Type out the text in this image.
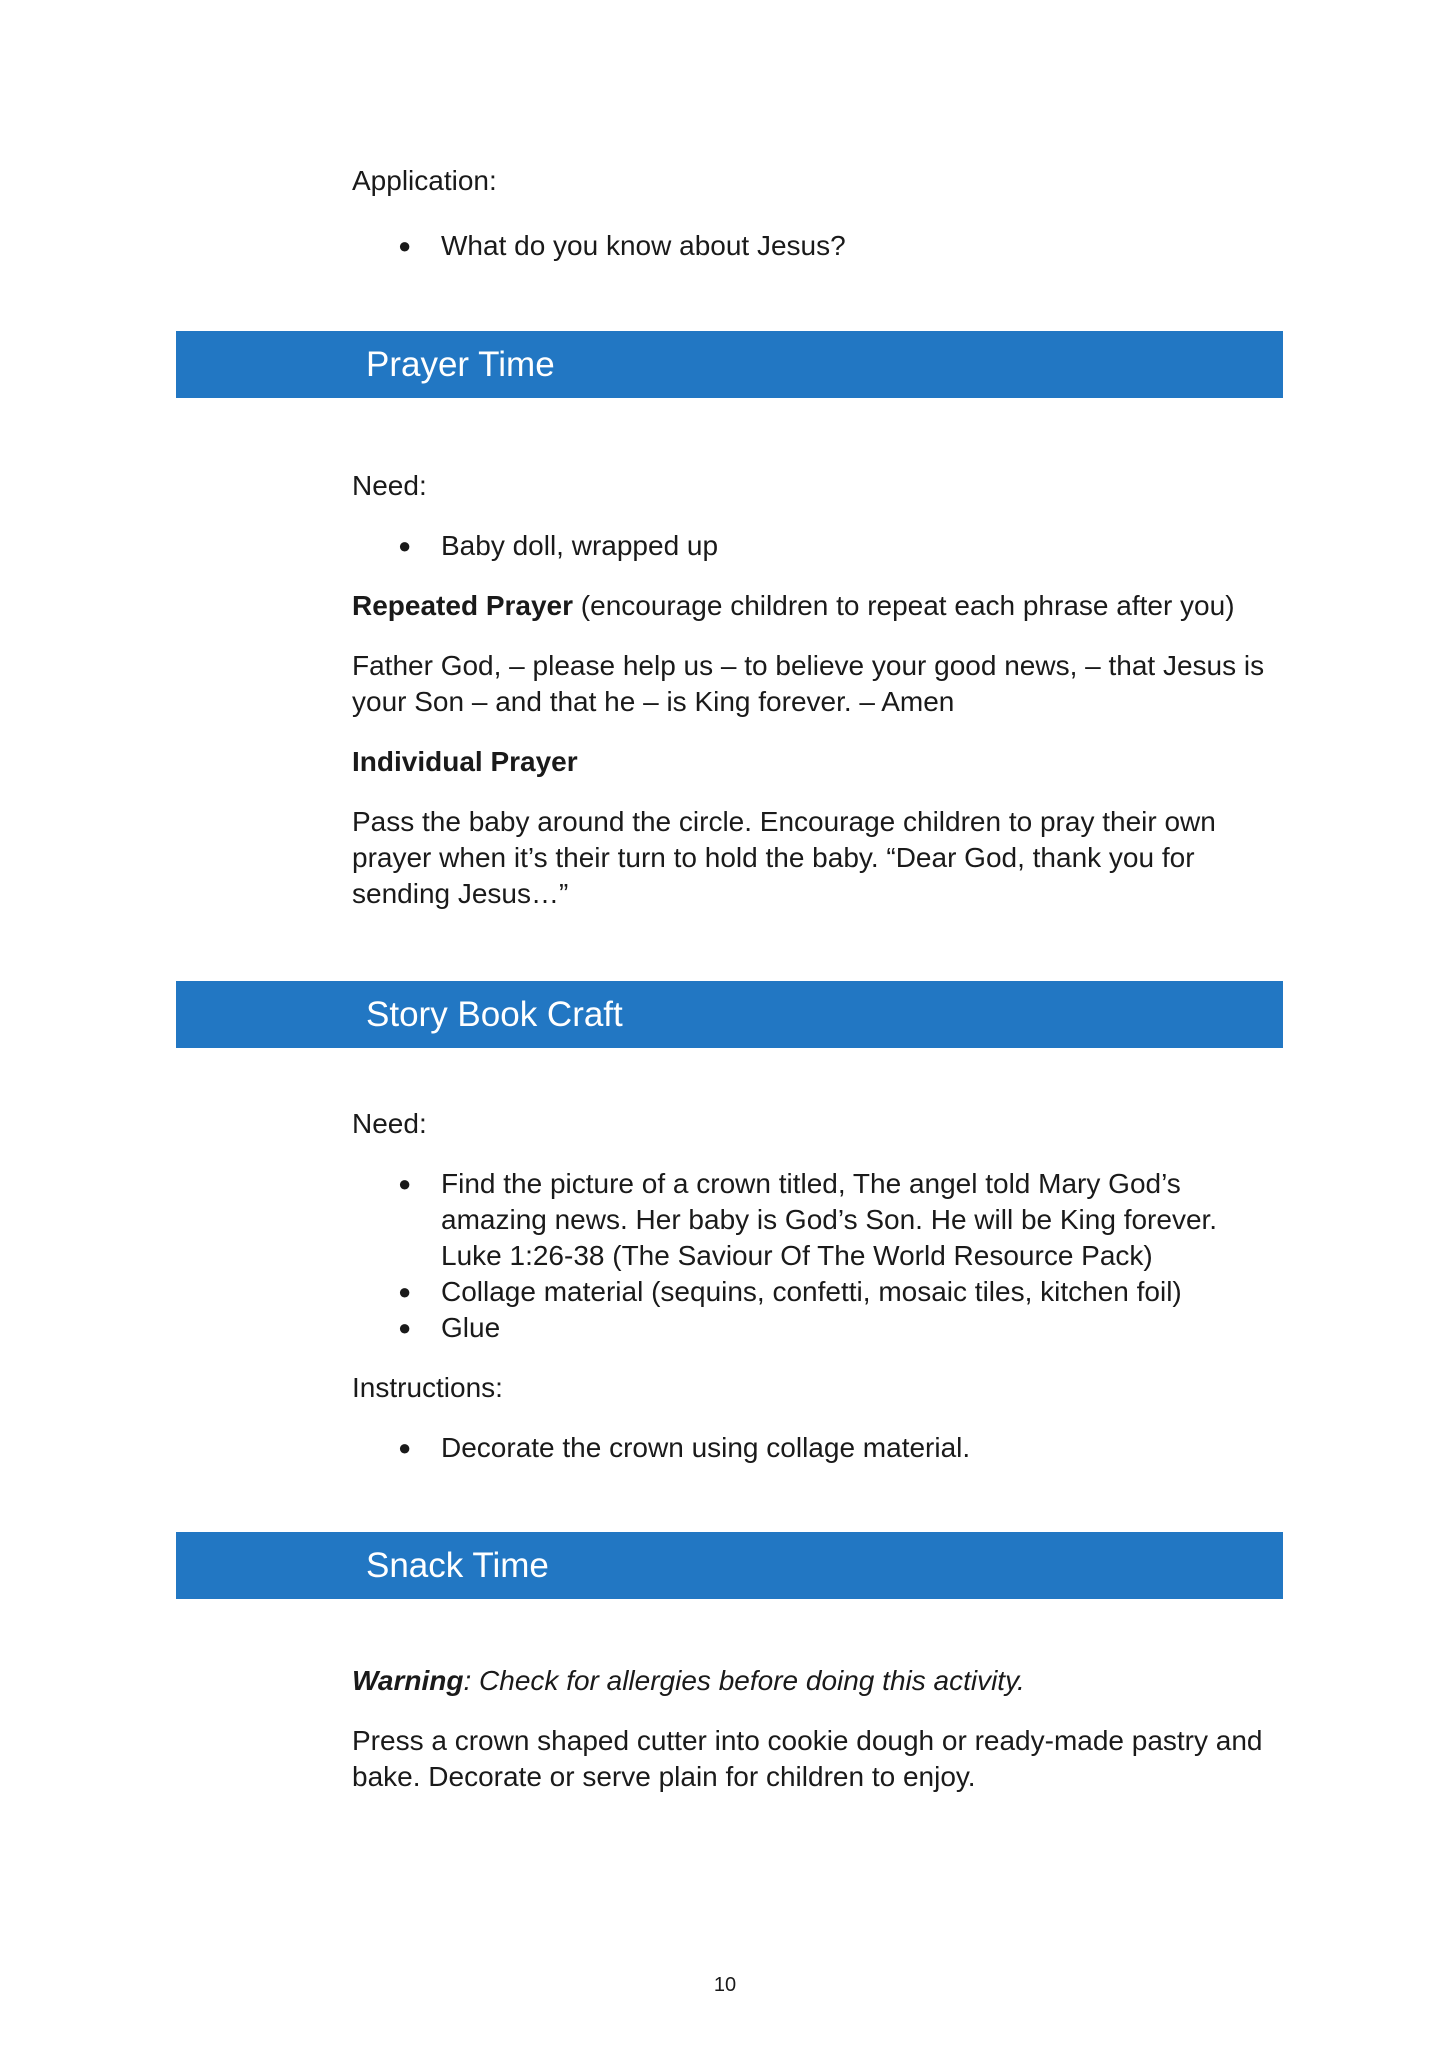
Application:
● What do you know about Jesus?
Prayer Time
Need:
● Baby doll, wrapped up
Repeated Prayer (encourage children to repeat each phrase after you)
Father God, – please help us – to believe your good news, – that Jesus is your Son – and that he – is King forever. – Amen
Individual Prayer
Pass the baby around the circle. Encourage children to pray their own prayer when it’s their turn to hold the baby. “Dear God, thank you for sending Jesus…”
Story Book Craft
Need:
● Find the picture of a crown titled, The angel told Mary God’s amazing news. Her baby is God’s Son. He will be King forever. Luke 1:26-38 (The Saviour Of The World Resource Pack)
● Collage material (sequins, confetti, mosaic tiles, kitchen foil)
● Glue
Instructions:
● Decorate the crown using collage material.
Snack Time
Warning: Check for allergies before doing this activity.
Press a crown shaped cutter into cookie dough or ready-made pastry and bake. Decorate or serve plain for children to enjoy.
10
